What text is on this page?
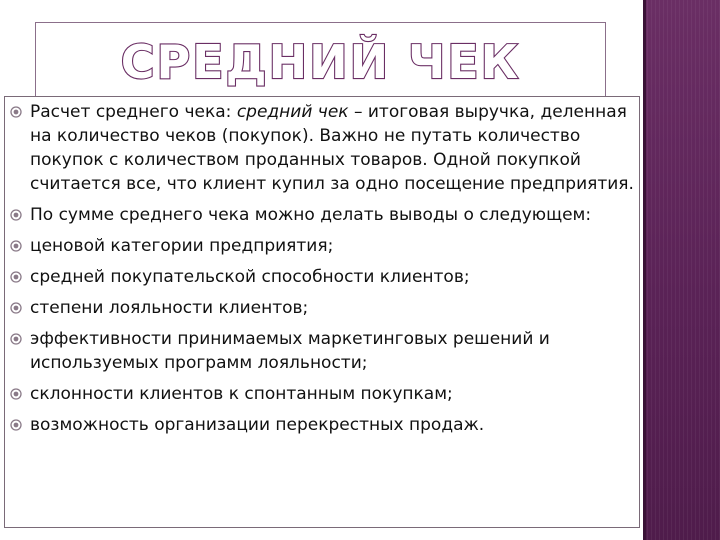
СРЕДНИЙ ЧЕК
Расчет среднего чека: средний чек – итоговая выручка, деленная на количество чеков (покупок). Важно не путать количество покупок с количеством проданных товаров. Одной покупкой считается все, что клиент купил за одно посещение предприятия.
По сумме среднего чека можно делать выводы о следующем:
ценовой категории предприятия;
средней покупательской способности клиентов;
степени лояльности клиентов;
эффективности принимаемых маркетинговых решений и используемых программ лояльности;
склонности клиентов к спонтанным покупкам;
возможность организации перекрестных продаж.
